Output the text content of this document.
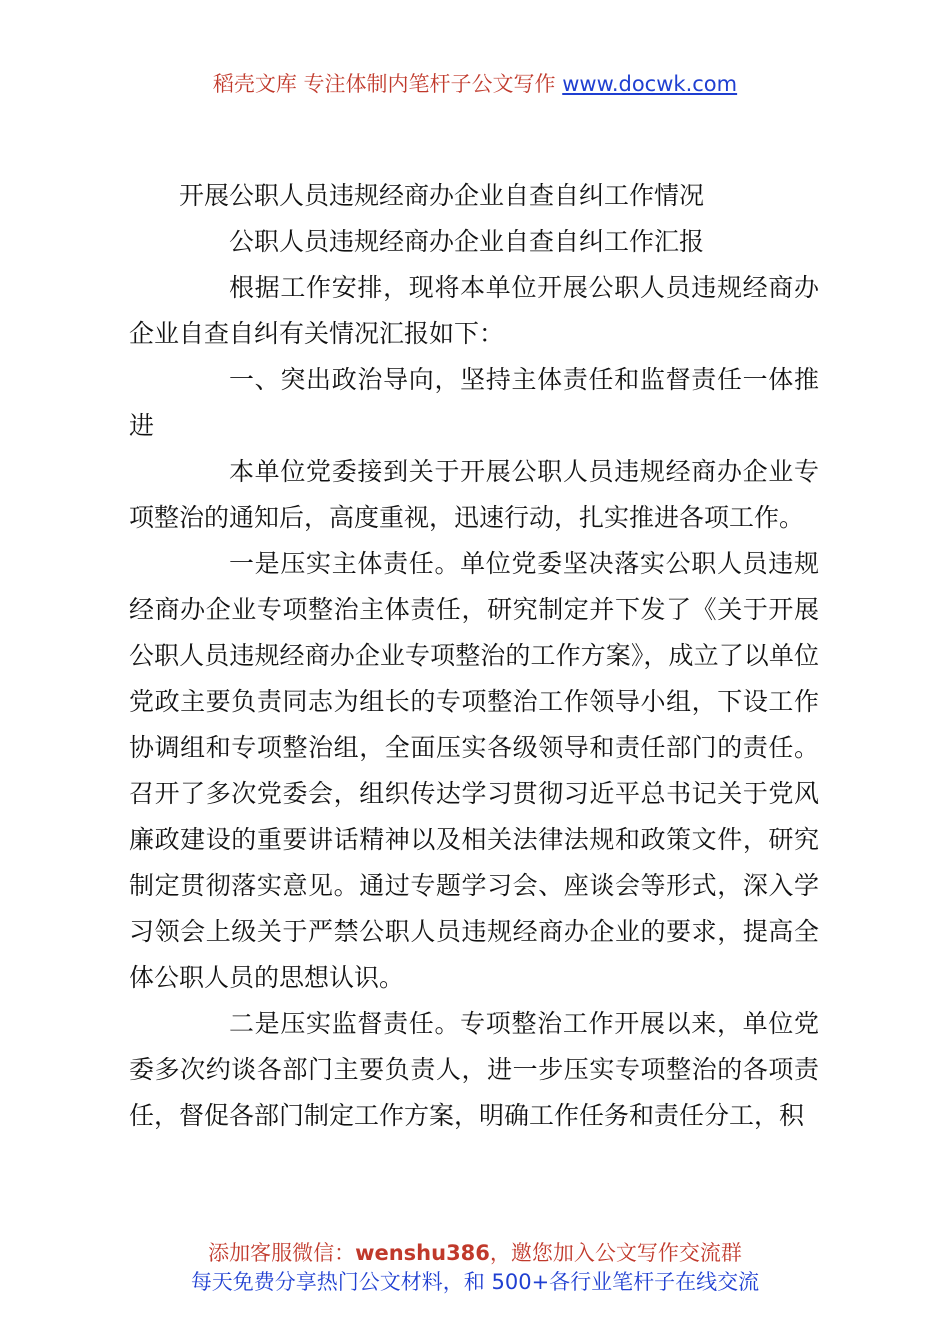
稻壳文库 专注体制内笔杆子公文写作 www.docwk.com

开展公职人员违规经商办企业自查自纠工作情况

公职人员违规经商办企业自查自纠工作汇报

根据工作安排，现将本单位开展公职人员违规经商办企业自查自纠有关情况汇报如下：

一、突出政治导向，坚持主体责任和监督责任一体推进

本单位党委接到关于开展公职人员违规经商办企业专项整治的通知后，高度重视，迅速行动，扎实推进各项工作。

一是压实主体责任。单位党委坚决落实公职人员违规经商办企业专项整治主体责任，研究制定并下发了《关于开展公职人员违规经商办企业专项整治的工作方案》，成立了以单位党政主要负责同志为组长的专项整治工作领导小组，下设工作协调组和专项整治组，全面压实各级领导和责任部门的责任。召开了多次党委会，组织传达学习贯彻习近平总书记关于党风廉政建设的重要讲话精神以及相关法律法规和政策文件，研究制定贯彻落实意见。通过专题学习会、座谈会等形式，深入学习领会上级关于严禁公职人员违规经商办企业的要求，提高全体公职人员的思想认识。

二是压实监督责任。专项整治工作开展以来，单位党委多次约谈各部门主要负责人，进一步压实专项整治的各项责任，督促各部门制定工作方案，明确工作任务和责任分工，积

添加客服微信：wenshu386，邀您加入公文写作交流群
每天免费分享热门公文材料，和 500+各行业笔杆子在线交流
